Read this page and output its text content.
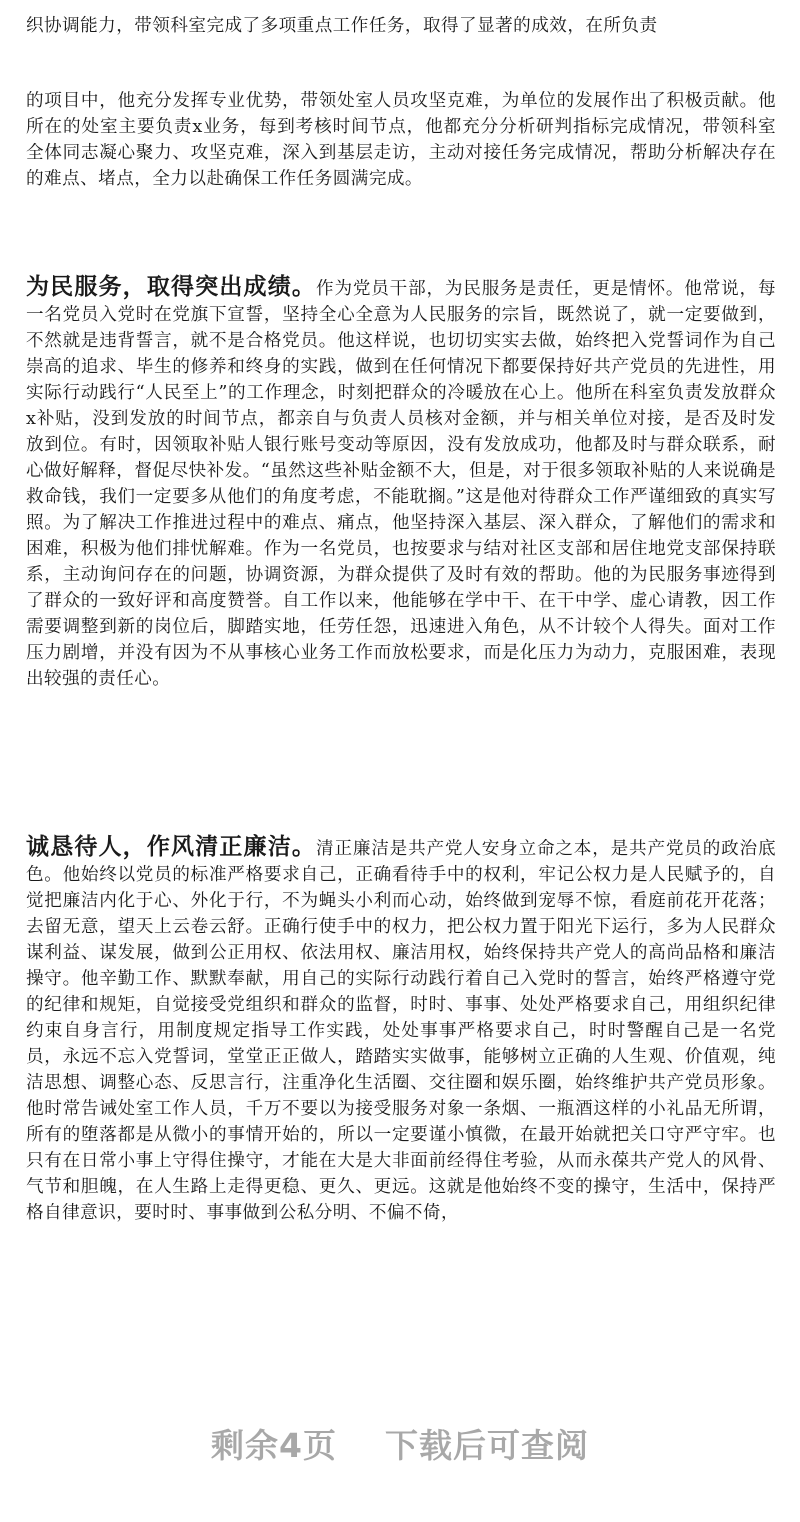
织协调能力，带领科室完成了多项重点工作任务，取得了显著的成效，在所负责

的项目中，他充分发挥专业优势，带领处室人员攻坚克难，为单位的发展作出了积极贡献。他所在的处室主要负责x业务，每到考核时间节点，他都充分分析研判指标完成情况，带领科室全体同志凝心聚力、攻坚克难，深入到基层走访，主动对接任务完成情况，帮助分析解决存在的难点、堵点，全力以赴确保工作任务圆满完成。

为民服务，取得突出成绩。作为党员干部，为民服务是责任，更是情怀。他常说，每一名党员入党时在党旗下宣誓，坚持全心全意为人民服务的宗旨，既然说了，就一定要做到，不然就是违背誓言，就不是合格党员。他这样说，也切切实实去做，始终把入党誓词作为自己崇高的追求、毕生的修养和终身的实践，做到在任何情况下都要保持好共产党员的先进性，用实际行动践行“人民至上”的工作理念，时刻把群众的冷暖放在心上。他所在科室负责发放群众x补贴，没到发放的时间节点，都亲自与负责人员核对金额，并与相关单位对接，是否及时发放到位。有时，因领取补贴人银行账号变动等原因，没有发放成功，他都及时与群众联系，耐心做好解释，督促尽快补发。“虽然这些补贴金额不大，但是，对于很多领取补贴的人来说确是救命钱，我们一定要多从他们的角度考虑，不能耽搁。”这是他对待群众工作严谨细致的真实写照。为了解决工作推进过程中的难点、痛点，他坚持深入基层、深入群众，了解他们的需求和困难，积极为他们排忧解难。作为一名党员，也按要求与结对社区支部和居住地党支部保持联系，主动询问存在的问题，协调资源，为群众提供了及时有效的帮助。他的为民服务事迹得到了群众的一致好评和高度赞誉。自工作以来，他能够在学中干、在干中学、虚心请教，因工作需要调整到新的岗位后，脚踏实地，任劳任怨，迅速进入角色，从不计较个人得失。面对工作压力剧增，并没有因为不从事核心业务工作而放松要求，而是化压力为动力，克服困难，表现出较强的责任心。

诚恳待人，作风清正廉洁。清正廉洁是共产党人安身立命之本，是共产党员的政治底色。他始终以党员的标准严格要求自己，正确看待手中的权利，牢记公权力是人民赋予的，自觉把廉洁内化于心、外化于行，不为蝇头小利而心动，始终做到宠辱不惊，看庭前花开花落；去留无意，望天上云卷云舒。正确行使手中的权力，把公权力置于阳光下运行，多为人民群众谋利益、谋发展，做到公正用权、依法用权、廉洁用权，始终保持共产党人的高尚品格和廉洁操守。他辛勤工作、默默奉献，用自己的实际行动践行着自己入党时的誓言，始终严格遵守党的纪律和规矩，自觉接受党组织和群众的监督，时时、事事、处处严格要求自己，用组织纪律约束自身言行，用制度规定指导工作实践，处处事事严格要求自己，时时警醒自己是一名党员，永远不忘入党誓词，堂堂正正做人，踏踏实实做事，能够树立正确的人生观、价值观，纯洁思想、调整心态、反思言行，注重净化生活圈、交往圈和娱乐圈，始终维护共产党员形象。他时常告诫处室工作人员，千万不要以为接受服务对象一条烟、一瓶酒这样的小礼品无所谓，所有的堕落都是从微小的事情开始的，所以一定要谨小慎微，在最开始就把关口守严守牢。也只有在日常小事上守得住操守，才能在大是大非面前经得住考验，从而永葆共产党人的风骨、气节和胆魄，在人生路上走得更稳、更久、更远。这就是他始终不变的操守，生活中，保持严格自律意识，要时时、事事做到公私分明、不偏不倚，

剩余4页 下载后可查阅
